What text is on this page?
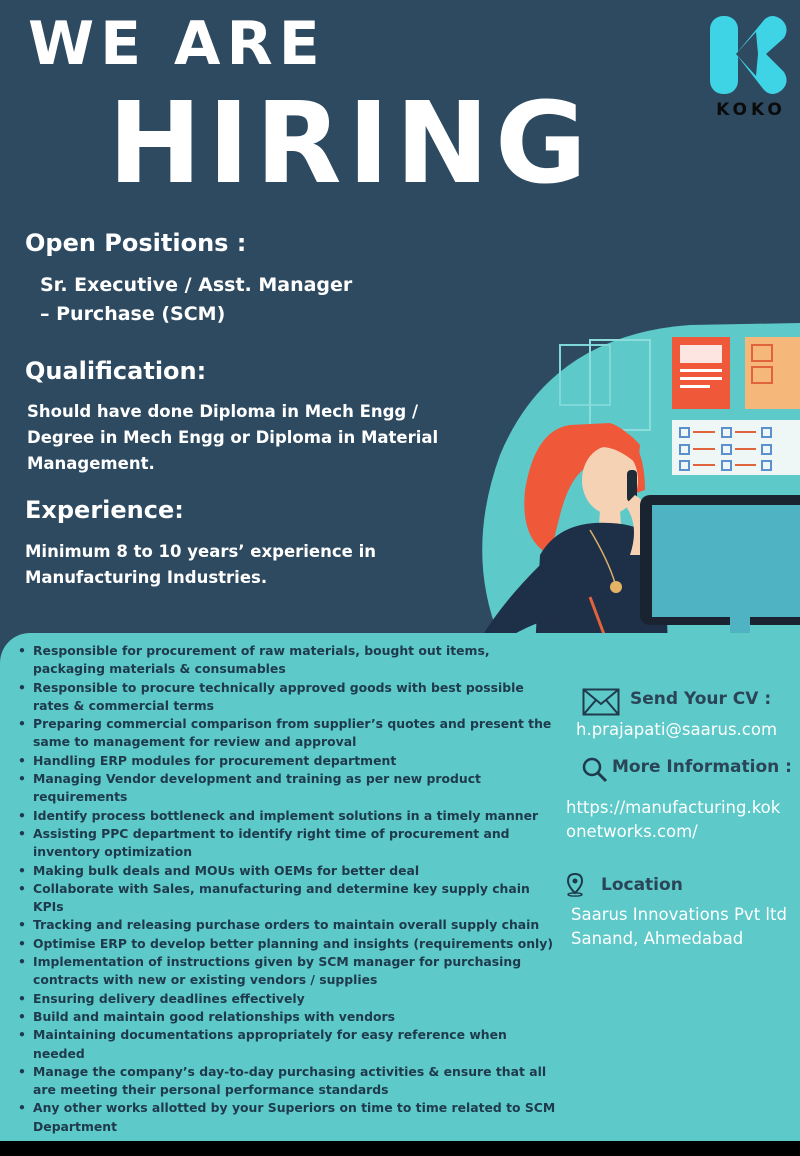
WE ARE
HIRING	KOKO
Open Positions :
Sr. Executive / Asst. Manager
– Purchase (SCM)
Qualification:
Should have done Diploma in Mech Engg /
Degree in Mech Engg or Diploma in Material
Management.
Experience:
Minimum 8 to 10 years’ experience in
Manufacturing Industries.
• Responsible for procurement of raw materials, bought out items,
packaging materials & consumables
• Responsible to procure technically approved goods with best possible
rates & commercial terms
• Preparing commercial comparison from supplier’s quotes and present the
same to management for review and approval
• Handling ERP modules for procurement department
• Managing Vendor development and training as per new product
requirements
• Identify process bottleneck and implement solutions in a timely manner
• Assisting PPC department to identify right time of procurement and
inventory optimization
• Making bulk deals and MOUs with OEMs for better deal
• Collaborate with Sales, manufacturing and determine key supply chain
KPIs
• Tracking and releasing purchase orders to maintain overall supply chain
• Optimise ERP to develop better planning and insights (requirements only)
• Implementation of instructions given by SCM manager for purchasing
contracts with new or existing vendors / supplies
• Ensuring delivery deadlines effectively
• Build and maintain good relationships with vendors
• Maintaining documentations appropriately for easy reference when
needed
• Manage the company’s day-to-day purchasing activities & ensure that all
are meeting their personal performance standards
• Any other works allotted by your Superiors on time to time related to SCM
Department
Send Your CV :
h.prajapati@saarus.com
More Information :
https://manufacturing.kok
onetworks.com/
Location
Saarus Innovations Pvt ltd
Sanand, Ahmedabad
